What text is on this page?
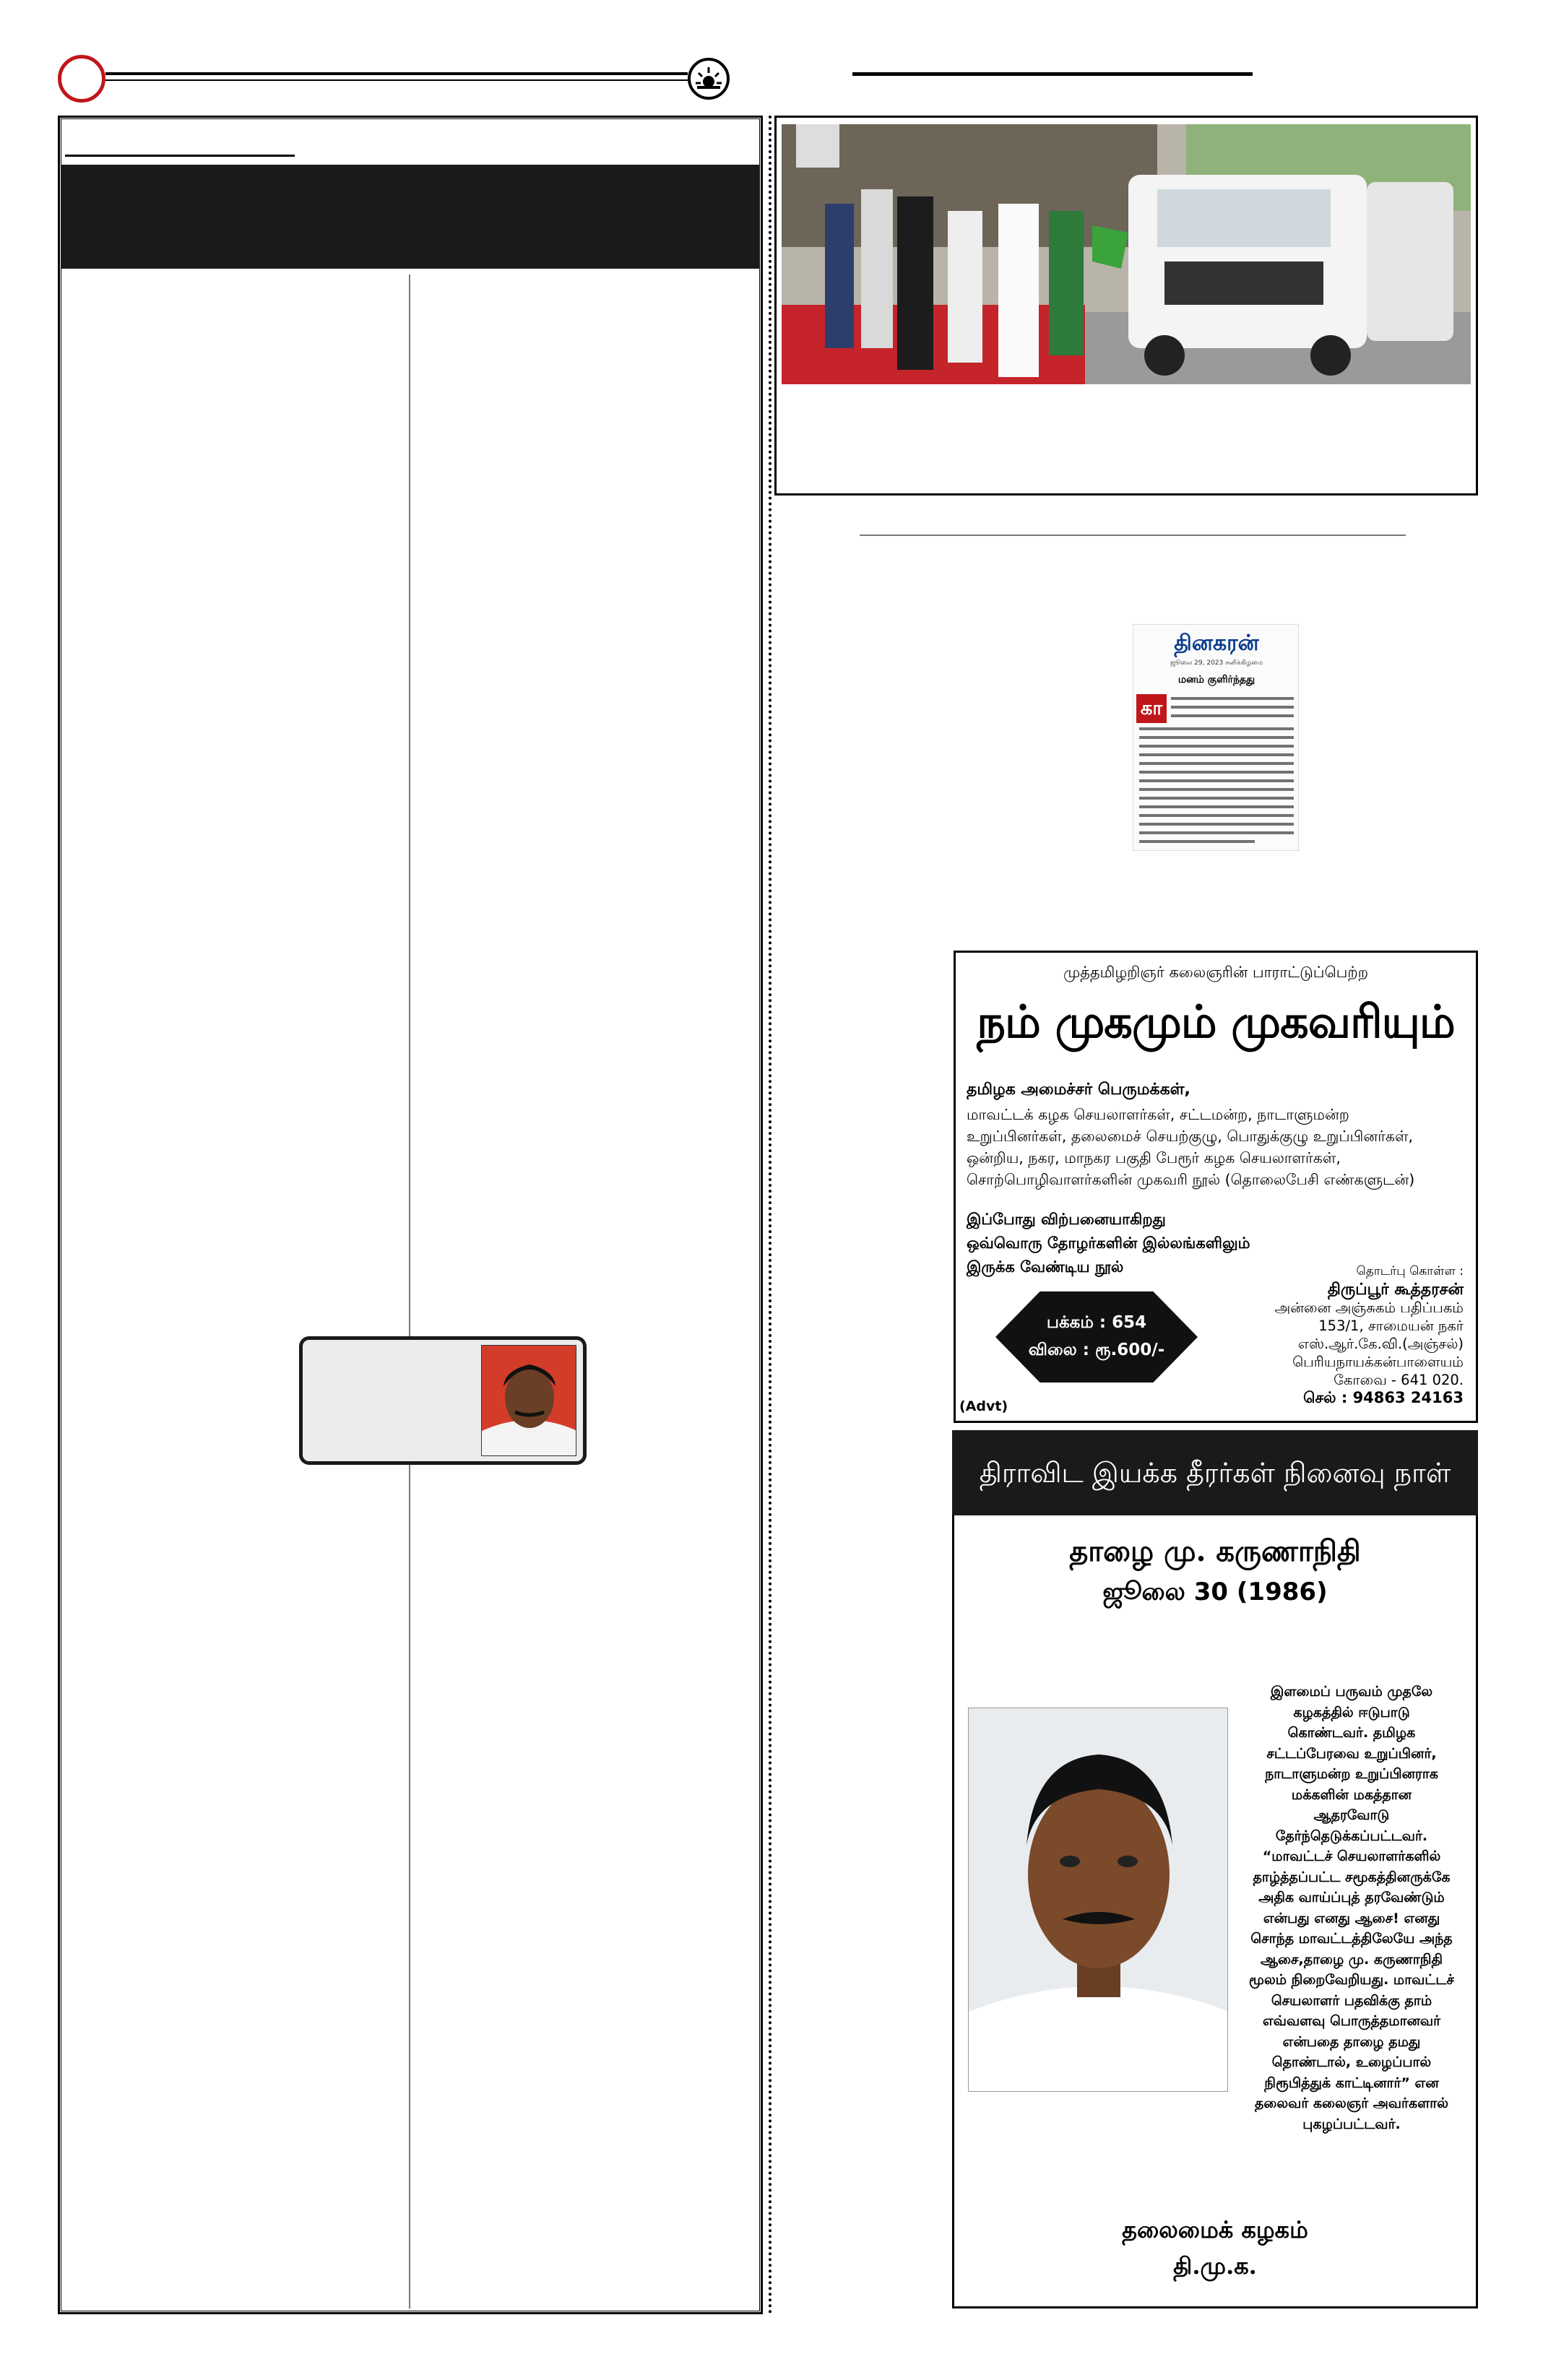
தினகரன்
ஜூலை 29, 2023 சனிக்கிழமை
மனம் குளிர்ந்தது
கா
முத்தமிழறிஞர் கலைஞரின் பாராட்டுப்பெற்ற
நம் முகமும் முகவரியும்
தமிழக அமைச்சர் பெருமக்கள்,
மாவட்டக் கழக செயலாளர்கள், சட்டமன்ற, நாடாளுமன்ற
உறுப்பினர்கள், தலைமைச் செயற்குழு, பொதுக்குழு உறுப்பினர்கள்,
ஒன்றிய, நகர, மாநகர பகுதி பேரூர் கழக செயலாளர்கள்,
சொற்பொழிவாளர்களின் முகவரி நூல் (தொலைபேசி எண்களுடன்)
இப்போது விற்பனையாகிறது
ஒவ்வொரு தோழர்களின் இல்லங்களிலும்
இருக்க வேண்டிய நூல்
பக்கம் : 654
விலை : ரூ.600/-
தொடர்பு கொள்ள :
திருப்பூர் கூத்தரசன்
அன்னை அஞ்சுகம் பதிப்பகம்
153/1, சாமையன் நகர்
எஸ்.ஆர்.கே.வி.(அஞ்சல்)
பெரியநாயக்கன்பாளையம்
கோவை - 641 020.
செல் : 94863 24163
(Advt)
திராவிட இயக்க தீரர்கள் நினைவு நாள்
தாழை மு. கருணாநிதி
ஜூலை 30 (1986)
இளமைப் பருவம் முதலே
கழகத்தில் ஈடுபாடு
கொண்டவர். தமிழக
சட்டப்பேரவை உறுப்பினர்,
நாடாளுமன்ற உறுப்பினராக
மக்களின் மகத்தான
ஆதரவோடு
தேர்ந்தெடுக்கப்பட்டவர்.
“மாவட்டச் செயலாளர்களில்
தாழ்த்தப்பட்ட சமூகத்தினருக்கே
அதிக வாய்ப்புத் தரவேண்டும்
என்பது எனது ஆசை! எனது
சொந்த மாவட்டத்திலேயே அந்த
ஆசை,தாழை மு. கருணாநிதி
மூலம் நிறைவேறியது. மாவட்டச்
செயலாளர் பதவிக்கு தாம்
எவ்வளவு பொருத்தமானவர்
என்பதை தாழை தமது
தொண்டால், உழைப்பால்
நிரூபித்துக் காட்டினார்” என
தலைவர் கலைஞர் அவர்களால்
புகழப்பட்டவர்.
தலைமைக் கழகம்
தி.மு.க.
